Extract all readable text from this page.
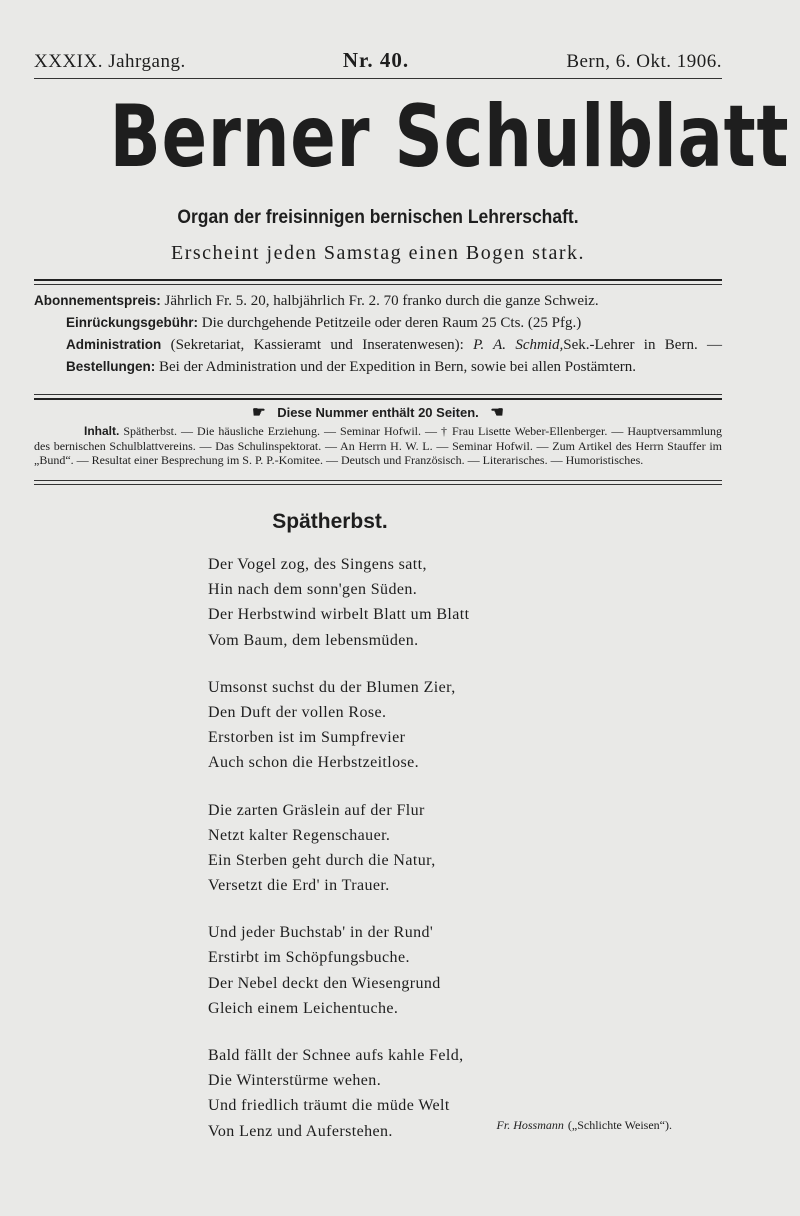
XXXIX. Jahrgang.	Nr. 40.	Bern, 6. Okt. 1906.
Berner Schulblatt
Organ der freisinnigen bernischen Lehrerschaft.
Erscheint jeden Samstag einen Bogen stark.
Abonnementspreis: Jährlich Fr. 5. 20, halbjährlich Fr. 2. 70 franko durch die ganze Schweiz.
Einrückungsgebühr: Die durchgehende Petitzeile oder deren Raum 25 Cts. (25 Pfg.)
Administration (Sekretariat, Kassieramt und Inseratenwesen): P. A. Schmid,Sek.-Lehrer in Bern. — Bestellungen: Bei der Administration und der Expedition in Bern, sowie bei allen Postämtern.
☛ Diese Nummer enthält 20 Seiten. ☚
Inhalt. Spätherbst. — Die häusliche Erziehung. — Seminar Hofwil. — † Frau Lisette Weber-Ellenberger. — Hauptversammlung des bernischen Schulblattvereins. — Das Schulinspektorat. — An Herrn H. W. L. — Seminar Hofwil. — Zum Artikel des Herrn Stauffer im „Bund“. — Resultat einer Besprechung im S. P. P.-Komitee. — Deutsch und Französisch. — Literarisches. — Humoristisches.
Spätherbst.
Der Vogel zog, des Singens satt,
Hin nach dem sonn'gen Süden.
Der Herbstwind wirbelt Blatt um Blatt
Vom Baum, dem lebensmüden.
Umsonst suchst du der Blumen Zier,
Den Duft der vollen Rose.
Erstorben ist im Sumpfrevier
Auch schon die Herbstzeitlose.
Die zarten Gräslein auf der Flur
Netzt kalter Regenschauer.
Ein Sterben geht durch die Natur,
Versetzt die Erd' in Trauer.
Und jeder Buchstab' in der Rund'
Erstirbt im Schöpfungsbuche.
Der Nebel deckt den Wiesengrund
Gleich einem Leichentuche.
Bald fällt der Schnee aufs kahle Feld,
Die Winterstürme wehen.
Und friedlich träumt die müde Welt
Von Lenz und Auferstehen.	Fr. Hossmann („Schlichte Weisen“).
